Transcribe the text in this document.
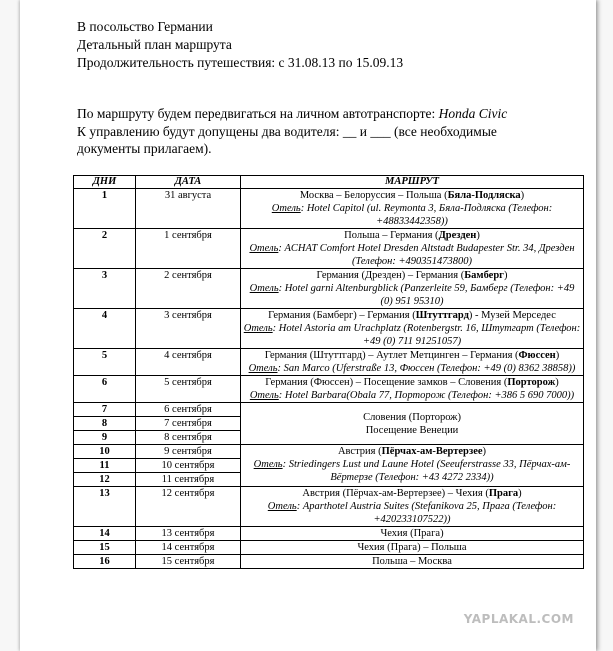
В посольство Германии
Детальный план маршрута
Продолжительность путешествия: с 31.08.13 по 15.09.13
По маршруту будем передвигаться на личном автотранспорте: Honda Civic
К управлению будут допущены два водителя: __ и ___ (все необходимые
документы прилагаем).
ДНИ	ДАТА	МАРШРУТ
1	31 августа	Москва – Белоруссия – Польша (Бяла-Подляска)
Отель: Hotel Capitol (ul. Reymonta 3, Бяла-Подляска (Телефон: +48833442358))

2	1 сентября	Польша – Германия (Дрезден)
Отель: ACHAT Comfort Hotel Dresden Altstadt Budapester Str. 34, Дрезден (Телефон: +490351473800)

3	2 сентября	Германия (Дрезден) – Германия (Бамберг)
Отель: Hotel garni Altenburgblick (Panzerleite 59, Бамберг (Телефон: +49 (0) 951 95310)

4	3 сентября	Германия (Бамберг) – Германия (Штуттгард) - Музей Мерседес
Отель: Hotel Astoria am Urachplatz (Rotenbergstr. 16, Штутгарт (Телефон: +49 (0) 711 91251057)

5	4 сентября	Германия (Штуттгард) – Аутлет Метцинген – Германия (Фюссен)
Отель: San Marco (Uferstraße 13, Фюссен (Телефон: +49 (0) 8362 38858))

6	5 сентября	Германия (Фюссен) – Посещение замков – Словения (Порторож)
Отель: Hotel Barbara(Obala 77, Порторож (Телефон: +386 5 690 7000))

7	6 сентября	Словения (Порторож)
Посещение Венеции

8	7 сентября	
9	8 сентября	
10	9 сентября	Австрия (Пёрчах-ам-Вертерзее)
Отель: Striedingers Lust und Laune Hotel (Seeuferstrasse 33, Пёрчах-ам-Вёртерзе (Телефон: +43 4272 2334))

11	10 сентября	
12	11 сентября	
13	12 сентября	Австрия (Пёрчах-ам-Вертерзее) – Чехия (Прага)
Отель: Aparthotel Austria Suites (Stefanikova 25, Прага (Телефон: +420233107522))

14	13 сентября	Чехия (Прага)
15	14 сентября	Чехия (Прага) – Польша
16	15 сентября	Польша – Москва
YAPLAKAL.COM
